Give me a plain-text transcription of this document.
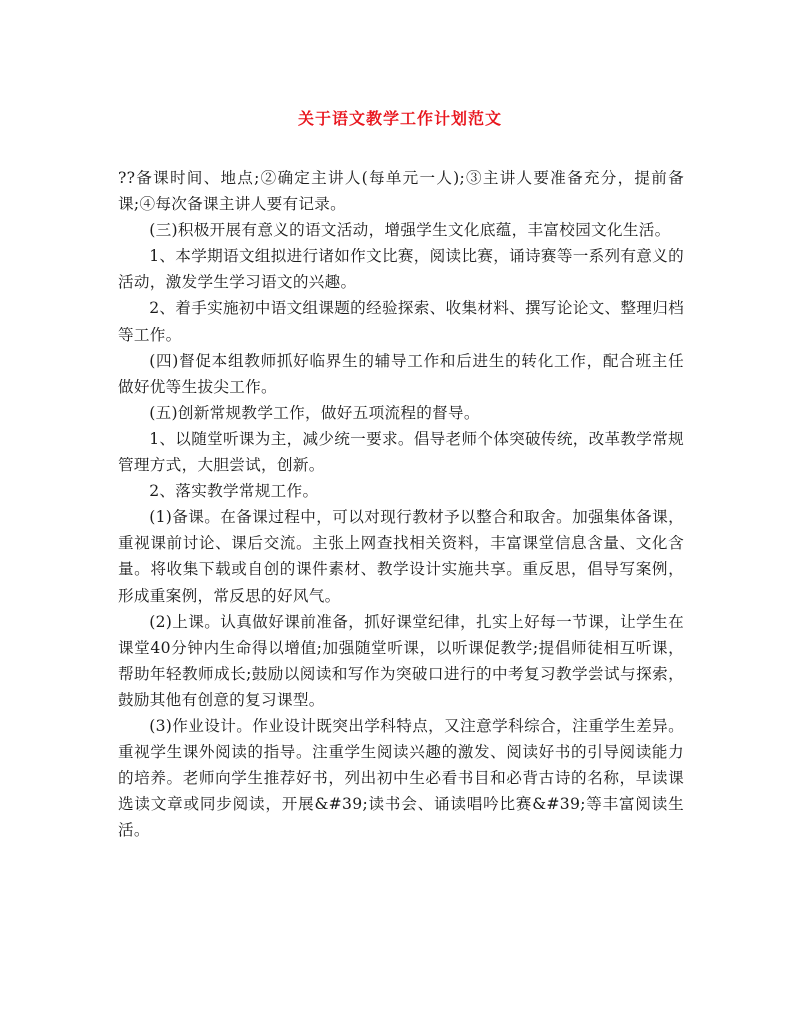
关于语文教学工作计划范文

??备课时间、地点;②确定主讲人(每单元一人);③主讲人要准备充分，提前备课;④每次备课主讲人要有记录。

(三)积极开展有意义的语文活动，增强学生文化底蕴，丰富校园文化生活。

1、本学期语文组拟进行诸如作文比赛，阅读比赛，诵诗赛等一系列有意义的活动，激发学生学习语文的兴趣。

2、着手实施初中语文组课题的经验探索、收集材料、撰写论论文、整理归档等工作。

(四)督促本组教师抓好临界生的辅导工作和后进生的转化工作，配合班主任做好优等生拔尖工作。

(五)创新常规教学工作，做好五项流程的督导。

1、以随堂听课为主，减少统一要求。倡导老师个体突破传统，改革教学常规管理方式，大胆尝试，创新。

2、落实教学常规工作。

(1)备课。在备课过程中，可以对现行教材予以整合和取舍。加强集体备课，重视课前讨论、课后交流。主张上网查找相关资料，丰富课堂信息含量、文化含量。将收集下载或自创的课件素材、教学设计实施共享。重反思，倡导写案例，形成重案例，常反思的好风气。

(2)上课。认真做好课前准备，抓好课堂纪律，扎实上好每一节课，让学生在课堂40分钟内生命得以增值;加强随堂听课，以听课促教学;提倡师徒相互听课，帮助年轻教师成长;鼓励以阅读和写作为突破口进行的中考复习教学尝试与探索，鼓励其他有创意的复习课型。

(3)作业设计。作业设计既突出学科特点，又注意学科综合，注重学生差异。重视学生课外阅读的指导。注重学生阅读兴趣的激发、阅读好书的引导阅读能力的培养。老师向学生推荐好书，列出初中生必看书目和必背古诗的名称，早读课选读文章或同步阅读，开展&#39;读书会、诵读唱吟比赛&#39;等丰富阅读生活。
